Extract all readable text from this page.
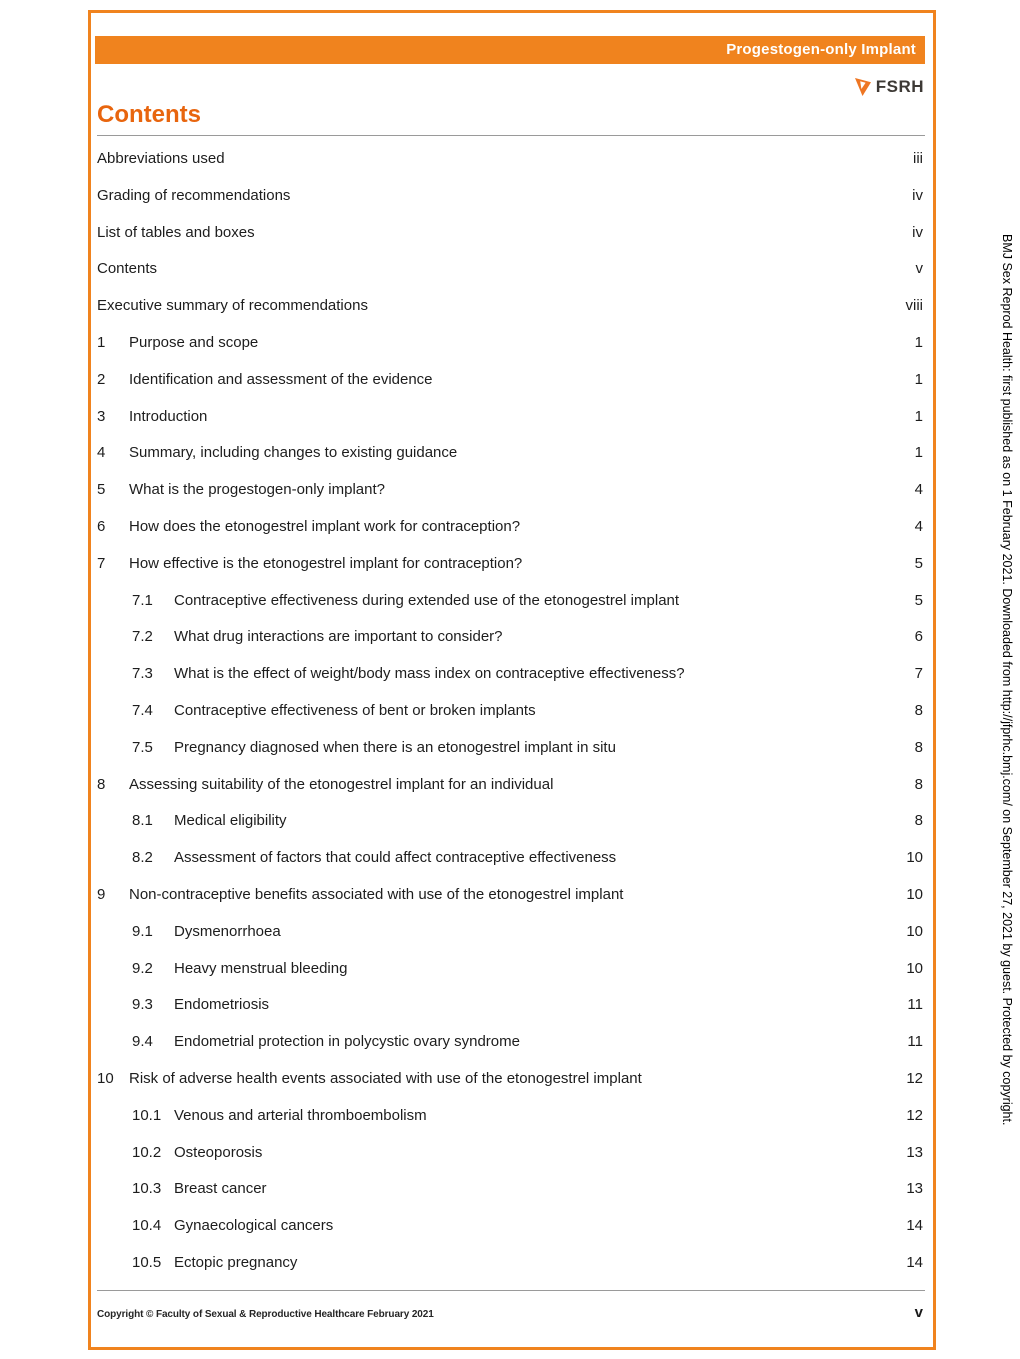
Progestogen-only Implant
FSRH
Contents
Abbreviations used	iii
Grading of recommendations	iv
List of tables and boxes	iv
Contents	v
Executive summary of recommendations	viii
1	Purpose and scope	1
2	Identification and assessment of the evidence	1
3	Introduction	1
4	Summary, including changes to existing guidance	1
5	What is the progestogen-only implant?	4
6	How does the etonogestrel implant work for contraception?	4
7	How effective is the etonogestrel implant for contraception?	5
7.1	Contraceptive effectiveness during extended use of the etonogestrel implant	5
7.2	What drug interactions are important to consider?	6
7.3	What is the effect of weight/body mass index on contraceptive effectiveness?	7
7.4	Contraceptive effectiveness of bent or broken implants	8
7.5	Pregnancy diagnosed when there is an etonogestrel implant in situ	8
8	Assessing suitability of the etonogestrel implant for an individual	8
8.1	Medical eligibility	8
8.2	Assessment of factors that could affect contraceptive effectiveness	10
9	Non-contraceptive benefits associated with use of the etonogestrel implant	10
9.1	Dysmenorrhoea	10
9.2	Heavy menstrual bleeding	10
9.3	Endometriosis	11
9.4	Endometrial protection in polycystic ovary syndrome	11
10	Risk of adverse health events associated with use of the etonogestrel implant	12
10.1 Venous and arterial thromboembolism	12
10.2 Osteoporosis	13
10.3 Breast cancer	13
10.4 Gynaecological cancers	14
10.5 Ectopic pregnancy	14
Copyright © Faculty of Sexual & Reproductive Healthcare February 2021	v
BMJ Sex Reprod Health: first published as on 1 February 2021. Downloaded from http://jfprhc.bmj.com/ on September 27, 2021 by guest. Protected by copyright.
